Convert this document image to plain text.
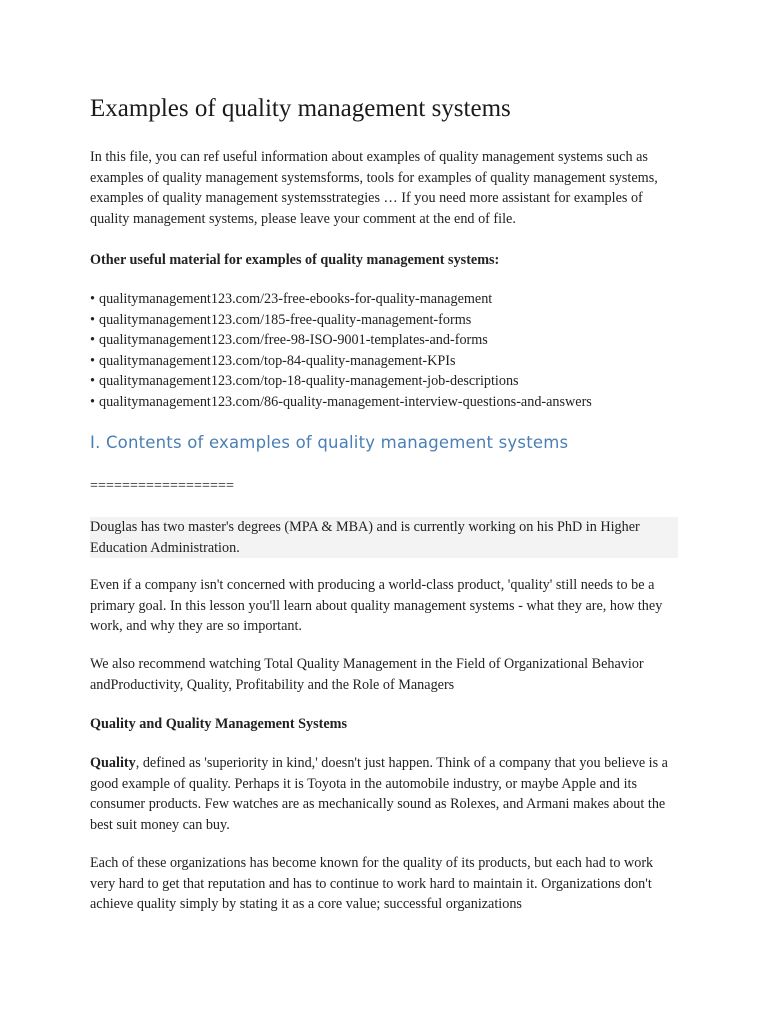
Examples of quality management systems

In this file, you can ref useful information about examples of quality management systems such as examples of quality management systemsforms, tools for examples of quality management systems, examples of quality management systemsstrategies … If you need more assistant for examples of quality management systems, please leave your comment at the end of file.

Other useful material for examples of quality management systems:

• qualitymanagement123.com/23-free-ebooks-for-quality-management
• qualitymanagement123.com/185-free-quality-management-forms
• qualitymanagement123.com/free-98-ISO-9001-templates-and-forms
• qualitymanagement123.com/top-84-quality-management-KPIs
• qualitymanagement123.com/top-18-quality-management-job-descriptions
• qualitymanagement123.com/86-quality-management-interview-questions-and-answers
I. Contents of examples of quality management systems

==================

Douglas has two master's degrees (MPA & MBA) and is currently working on his PhD in Higher Education Administration.

Even if a company isn't concerned with producing a world-class product, 'quality' still needs to be a primary goal. In this lesson you'll learn about quality management systems - what they are, how they work, and why they are so important.

We also recommend watching Total Quality Management in the Field of Organizational Behavior andProductivity, Quality, Profitability and the Role of Managers

Quality and Quality Management Systems

Quality, defined as 'superiority in kind,' doesn't just happen. Think of a company that you believe is a good example of quality. Perhaps it is Toyota in the automobile industry, or maybe Apple and its consumer products. Few watches are as mechanically sound as Rolexes, and Armani makes about the best suit money can buy.

Each of these organizations has become known for the quality of its products, but each had to work very hard to get that reputation and has to continue to work hard to maintain it. Organizations don't achieve quality simply by stating it as a core value; successful organizations
